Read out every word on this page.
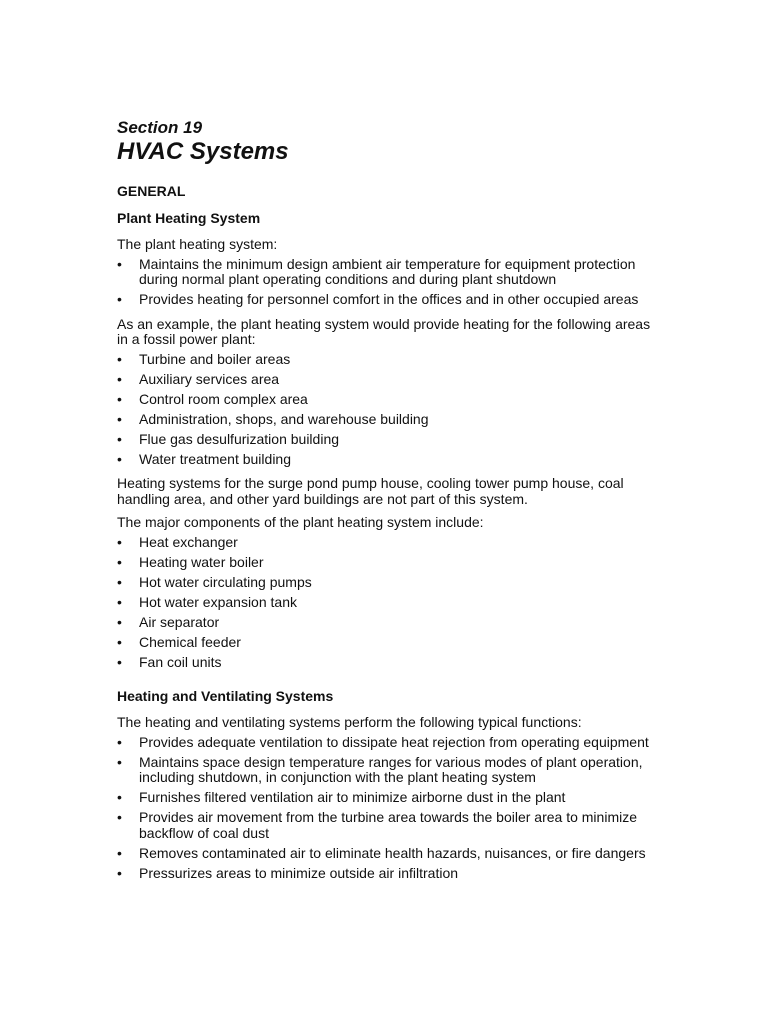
Section 19
HVAC Systems
GENERAL
Plant Heating System

The plant heating system:

• Maintains the minimum design ambient air temperature for equipment protection during normal plant operating conditions and during plant shutdown
• Provides heating for personnel comfort in the offices and in other occupied areas

As an example, the plant heating system would provide heating for the following areas in a fossil power plant:

• Turbine and boiler areas
• Auxiliary services area
• Control room complex area
• Administration, shops, and warehouse building
• Flue gas desulfurization building
• Water treatment building

Heating systems for the surge pond pump house, cooling tower pump house, coal handling area, and other yard buildings are not part of this system.

The major components of the plant heating system include:

• Heat exchanger
• Heating water boiler
• Hot water circulating pumps
• Hot water expansion tank
• Air separator
• Chemical feeder
• Fan coil units
Heating and Ventilating Systems

The heating and ventilating systems perform the following typical functions:

• Provides adequate ventilation to dissipate heat rejection from operating equipment
• Maintains space design temperature ranges for various modes of plant operation, including shutdown, in conjunction with the plant heating system
• Furnishes filtered ventilation air to minimize airborne dust in the plant
• Provides air movement from the turbine area towards the boiler area to minimize backflow of coal dust
• Removes contaminated air to eliminate health hazards, nuisances, or fire dangers
• Pressurizes areas to minimize outside air infiltration
